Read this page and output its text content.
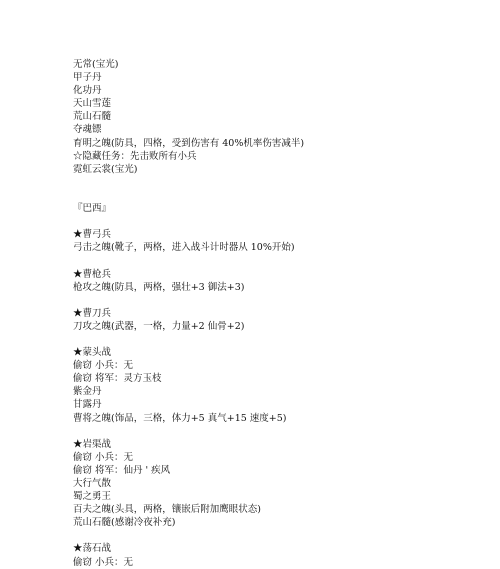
无常(宝光)
甲子丹
化功丹
天山雪莲
荒山石髓
夺魂镖
育明之魄(防具，四格，受到伤害有 40%机率伤害减半)
☆隐藏任务：先击败所有小兵
霓虹云裳(宝光)
『巴西』
★曹弓兵
弓击之魄(靴子，两格，进入战斗计时器从 10%开始)
★曹枪兵
枪攻之魄(防具，两格，强壮+3 御法+3)
★曹刀兵
刀攻之魄(武器，一格，力量+2 仙骨+2)
★蒙头战
偷窃 小兵：无
偷窃 将军：灵方玉枝
紫金丹
甘露丹
曹将之魄(饰品，三格，体力+5 真气+15 速度+5)
★岩渠战
偷窃 小兵：无
偷窃 将军：仙丹 ' 疾风
大行气散
蜀之勇王
百夫之魄(头具，两格，镶嵌后附加鹰眼状态)
荒山石髓(感谢冷夜补充)
★荡石战
偷窃 小兵：无
